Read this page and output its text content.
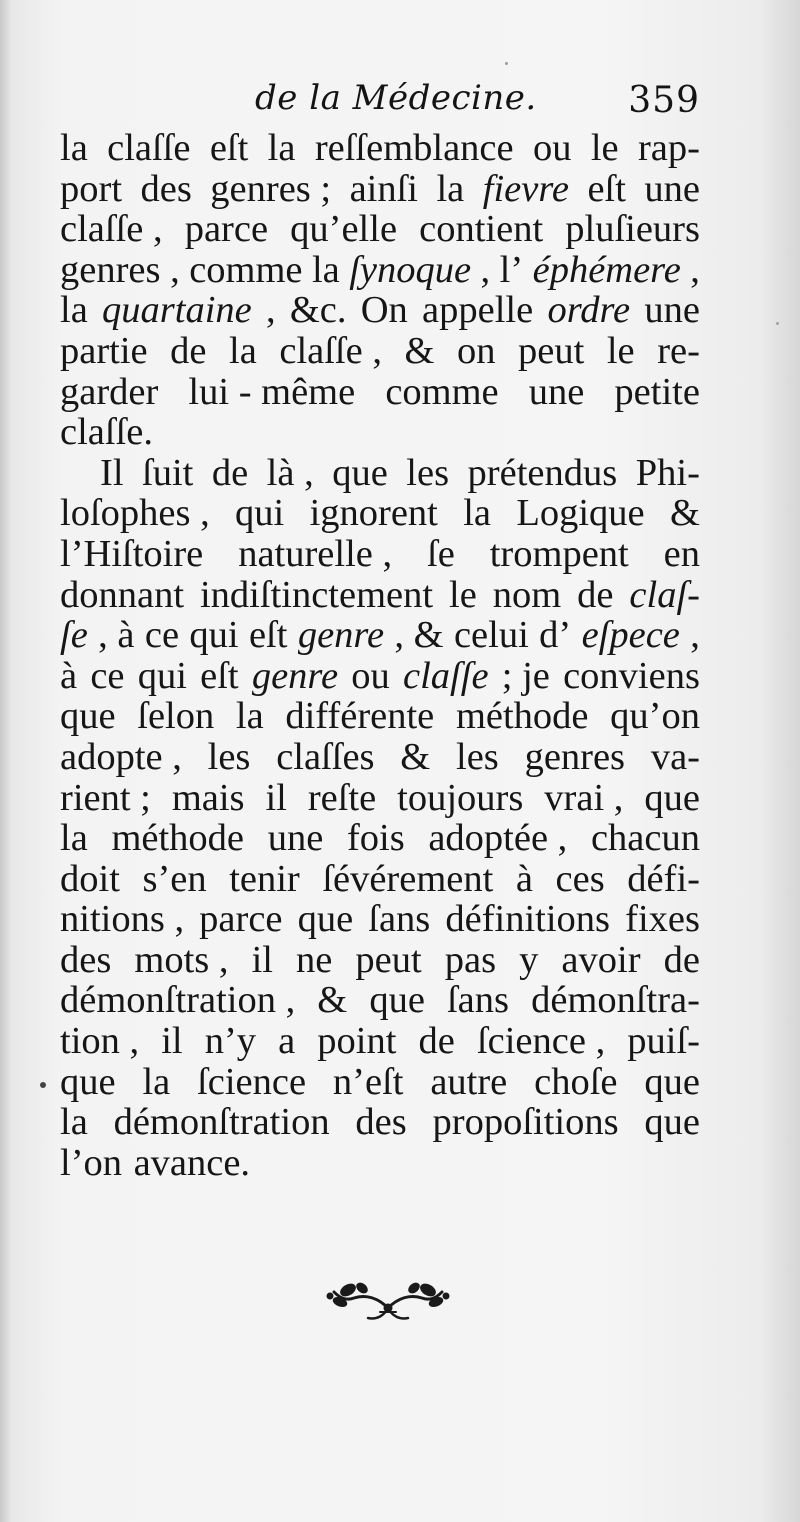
de la Médecine.	359
la claſſe eſt la reſſemblance ou le rap-
port des genres ; ainſi la fievre eſt une
claſſe , parce qu’elle contient pluſieurs
genres , comme la ſynoque , l’ éphémere ,
la quartaine , &c. On appelle ordre une
partie de la claſſe , & on peut le re-
garder lui - même comme une petite
claſſe.
Il ſuit de là , que les prétendus Phi-
loſophes , qui ignorent la Logique &
l’Hiſtoire naturelle , ſe trompent en
donnant indiſtinctement le nom de claſ-
ſe , à ce qui eſt genre , & celui d’ eſpece ,
à ce qui eſt genre ou claſſe ; je conviens
que ſelon la différente méthode qu’on
adopte , les claſſes & les genres va-
rient ; mais il reſte toujours vrai , que
la méthode une fois adoptée , chacun
doit s’en tenir ſévérement à ces défi-
nitions , parce que ſans définitions fixes
des mots , il ne peut pas y avoir de
démonſtration , & que ſans démonſtra-
tion , il n’y a point de ſcience , puiſ-
que la ſcience n’eſt autre choſe que
la démonſtration des propoſitions que
l’on avance.
